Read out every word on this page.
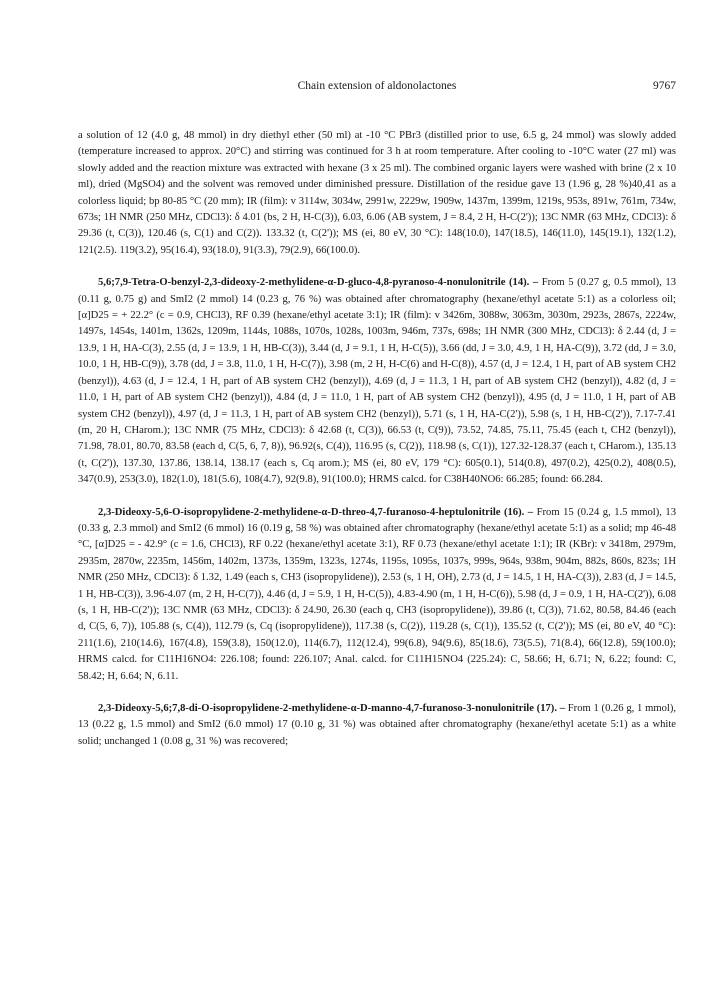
Chain extension of aldonolactones	9767

a solution of 12 (4.0 g, 48 mmol) in dry diethyl ether (50 ml) at -10 °C PBr3 (distilled prior to use, 6.5 g, 24 mmol) was slowly added (temperature increased to approx. 20°C) and stirring was continued for 3 h at room temperature. After cooling to -10°C water (27 ml) was slowly added and the reaction mixture was extracted with hexane (3 x 25 ml). The combined organic layers were washed with brine (2 x 10 ml), dried (MgSO4) and the solvent was removed under diminished pressure. Distillation of the residue gave 13 (1.96 g, 28 %)40,41 as a colorless liquid; bp 80-85 °C (20 mm); IR (film): v 3114w, 3034w, 2991w, 2229w, 1909w, 1437m, 1399m, 1219s, 953s, 891w, 761m, 734w, 673s; 1H NMR (250 MHz, CDCl3): δ 4.01 (bs, 2 H, H-C(3)), 6.03, 6.06 (AB system, J = 8.4, 2 H, H-C(2')); 13C NMR (63 MHz, CDCl3): δ 29.36 (t, C(3)), 120.46 (s, C(1) and C(2)). 133.32 (t, C(2')); MS (ei, 80 eV, 30 °C): 148(10.0), 147(18.5), 146(11.0), 145(19.1), 132(1.2), 121(2.5). 119(3.2), 95(16.4), 93(18.0), 91(3.3), 79(2.9), 66(100.0).

5,6;7,9-Tetra-O-benzyl-2,3-dideoxy-2-methylidene-α-D-gluco-4,8-pyranoso-4-nonulonitrile (14). – From 5 (0.27 g, 0.5 mmol), 13 (0.11 g, 0.75 g) and SmI2 (2 mmol) 14 (0.23 g, 76 %) was obtained after chromatography (hexane/ethyl acetate 5:1) as a colorless oil; [α]D25 = + 22.2° (c = 0.9, CHCl3), RF 0.39 (hexane/ethyl acetate 3:1); IR (film): v 3426m, 3088w, 3063m, 3030m, 2923s, 2867s, 2224w, 1497s, 1454s, 1401m, 1362s, 1209m, 1144s, 1088s, 1070s, 1028s, 1003m, 946m, 737s, 698s; 1H NMR (300 MHz, CDCl3): δ 2.44 (d, J = 13.9, 1 H, HA-C(3), 2.55 (d, J = 13.9, 1 H, HB-C(3)), 3.44 (d, J = 9.1, 1 H, H-C(5)), 3.66 (dd, J = 3.0, 4.9, 1 H, HA-C(9)), 3.72 (dd, J = 3.0, 10.0, 1 H, HB-C(9)), 3.78 (dd, J = 3.8, 11.0, 1 H, H-C(7)), 3.98 (m, 2 H, H-C(6) and H-C(8)), 4.57 (d, J = 12.4, 1 H, part of AB system CH2 (benzyl)), 4.63 (d, J = 12.4, 1 H, part of AB system CH2 (benzyl)), 4.69 (d, J = 11.3, 1 H, part of AB system CH2 (benzyl)), 4.82 (d, J = 11.0, 1 H, part of AB system CH2 (benzyl)), 4.84 (d, J = 11.0, 1 H, part of AB system CH2 (benzyl)), 4.95 (d, J = 11.0, 1 H, part of AB system CH2 (benzyl)), 4.97 (d, J = 11.3, 1 H, part of AB system CH2 (benzyl)), 5.71 (s, 1 H, HA-C(2')), 5.98 (s, 1 H, HB-C(2')), 7.17-7.41 (m, 20 H, CHarom.); 13C NMR (75 MHz, CDCl3): δ 42.68 (t, C(3)), 66.53 (t, C(9)), 73.52, 74.85, 75.11, 75.45 (each t, CH2 (benzyl)), 71.98, 78.01, 80.70, 83.58 (each d, C(5, 6, 7, 8)), 96.92(s, C(4)), 116.95 (s, C(2)), 118.98 (s, C(1)), 127.32-128.37 (each t, CHarom.), 135.13 (t, C(2')), 137.30, 137.86, 138.14, 138.17 (each s, Cq arom.); MS (ei, 80 eV, 179 °C): 605(0.1), 514(0.8), 497(0.2), 425(0.2), 408(0.5), 347(0.9), 253(3.0), 182(1.0), 181(5.6), 108(4.7), 92(9.8), 91(100.0); HRMS calcd. for C38H40NO6: 66.285; found: 66.284.

2,3-Dideoxy-5,6-O-isopropylidene-2-methylidene-α-D-threo-4,7-furanoso-4-heptulonitrile (16). – From 15 (0.24 g, 1.5 mmol), 13 (0.33 g, 2.3 mmol) and SmI2 (6 mmol) 16 (0.19 g, 58 %) was obtained after chromatography (hexane/ethyl acetate 5:1) as a solid; mp 46-48 °C, [α]D25 = - 42.9° (c = 1.6, CHCl3), RF 0.22 (hexane/ethyl acetate 3:1), RF 0.73 (hexane/ethyl acetate 1:1); IR (KBr): v 3418m, 2979m, 2935m, 2870w, 2235m, 1456m, 1402m, 1373s, 1359m, 1323s, 1274s, 1195s, 1095s, 1037s, 999s, 964s, 938m, 904m, 882s, 860s, 823s; 1H NMR (250 MHz, CDCl3): δ 1.32, 1.49 (each s, CH3 (isopropylidene)), 2.53 (s, 1 H, OH), 2.73 (d, J = 14.5, 1 H, HA-C(3)), 2.83 (d, J = 14.5, 1 H, HB-C(3)), 3.96-4.07 (m, 2 H, H-C(7)), 4.46 (d, J = 5.9, 1 H, H-C(5)), 4.83-4.90 (m, 1 H, H-C(6)), 5.98 (d, J = 0.9, 1 H, HA-C(2')), 6.08 (s, 1 H, HB-C(2')); 13C NMR (63 MHz, CDCl3): δ 24.90, 26.30 (each q, CH3 (isopropylidene)), 39.86 (t, C(3)), 71.62, 80.58, 84.46 (each d, C(5, 6, 7)), 105.88 (s, C(4)), 112.79 (s, Cq (isopropylidene)), 117.38 (s, C(2)), 119.28 (s, C(1)), 135.52 (t, C(2')); MS (ei, 80 eV, 40 °C): 211(1.6), 210(14.6), 167(4.8), 159(3.8), 150(12.0), 114(6.7), 112(12.4), 99(6.8), 94(9.6), 85(18.6), 73(5.5), 71(8.4), 66(12.8), 59(100.0); HRMS calcd. for C11H16NO4: 226.108; found: 226.107; Anal. calcd. for C11H15NO4 (225.24): C, 58.66; H, 6.71; N, 6.22; found: C, 58.42; H, 6.64; N, 6.11.

2,3-Dideoxy-5,6;7,8-di-O-isopropylidene-2-methylidene-α-D-manno-4,7-furanoso-3-nonulonitrile (17). – From 1 (0.26 g, 1 mmol), 13 (0.22 g, 1.5 mmol) and SmI2 (6.0 mmol) 17 (0.10 g, 31 %) was obtained after chromatography (hexane/ethyl acetate 5:1) as a white solid; unchanged 1 (0.08 g, 31 %) was recovered;
